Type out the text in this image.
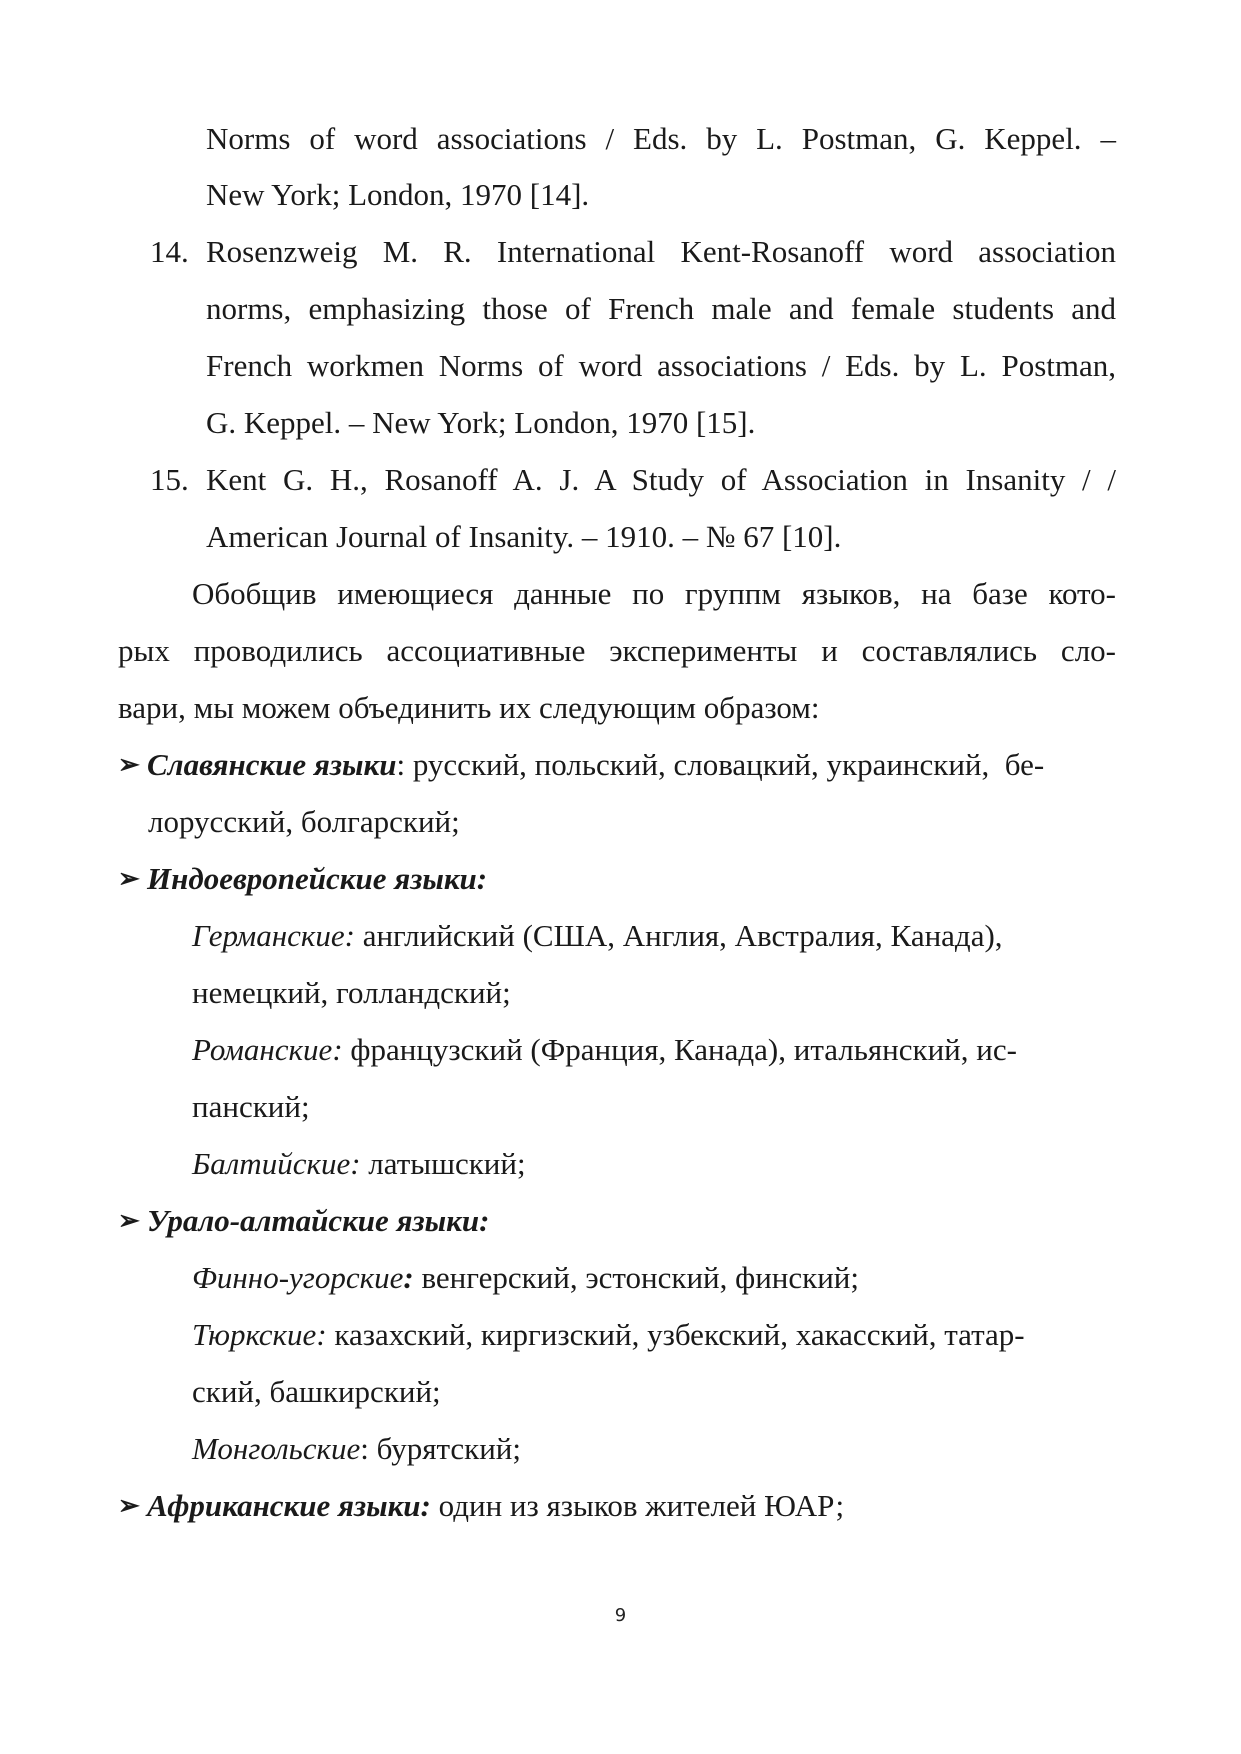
Norms of word associations / Eds. by L. Postman, G. Keppel. –
New York; London, 1970 [14].
14. Rosenzweig M. R. International Kent-Rosanoff word association
norms, emphasizing those of French male and female students and
French workmen Norms of word associations / Eds. by L. Postman,
G. Keppel. – New York; London, 1970 [15].
15. Kent G. H., Rosanoff A. J. A Study of Association in Insanity / /
American Journal of Insanity. – 1910. – № 67 [10].
Обобщив имеющиеся данные по группм языков, на базе кото-
рых проводились ассоциативные эксперименты и составлялись сло-
вари, мы можем объединить их следующим образом:
➢ Славянские языки: русский, польский, словацкий, украинский,  бе-
лорусский, болгарский;
➢ Индоевропейские языки:
Германские: английский (США, Англия, Австралия, Канада),
немецкий, голландский;
Романские: французский (Франция, Канада), итальянский, ис-
панский;
Балтийские: латышский;
➢ Урало-алтайские языки:
Финно-угорские: венгерский, эстонский, финский;
Тюркские: казахский, киргизский, узбекский, хакасский, татар-
ский, башкирский;
Монгольские: бурятский;
➢ Африканские языки: один из языков жителей ЮАР;
9
